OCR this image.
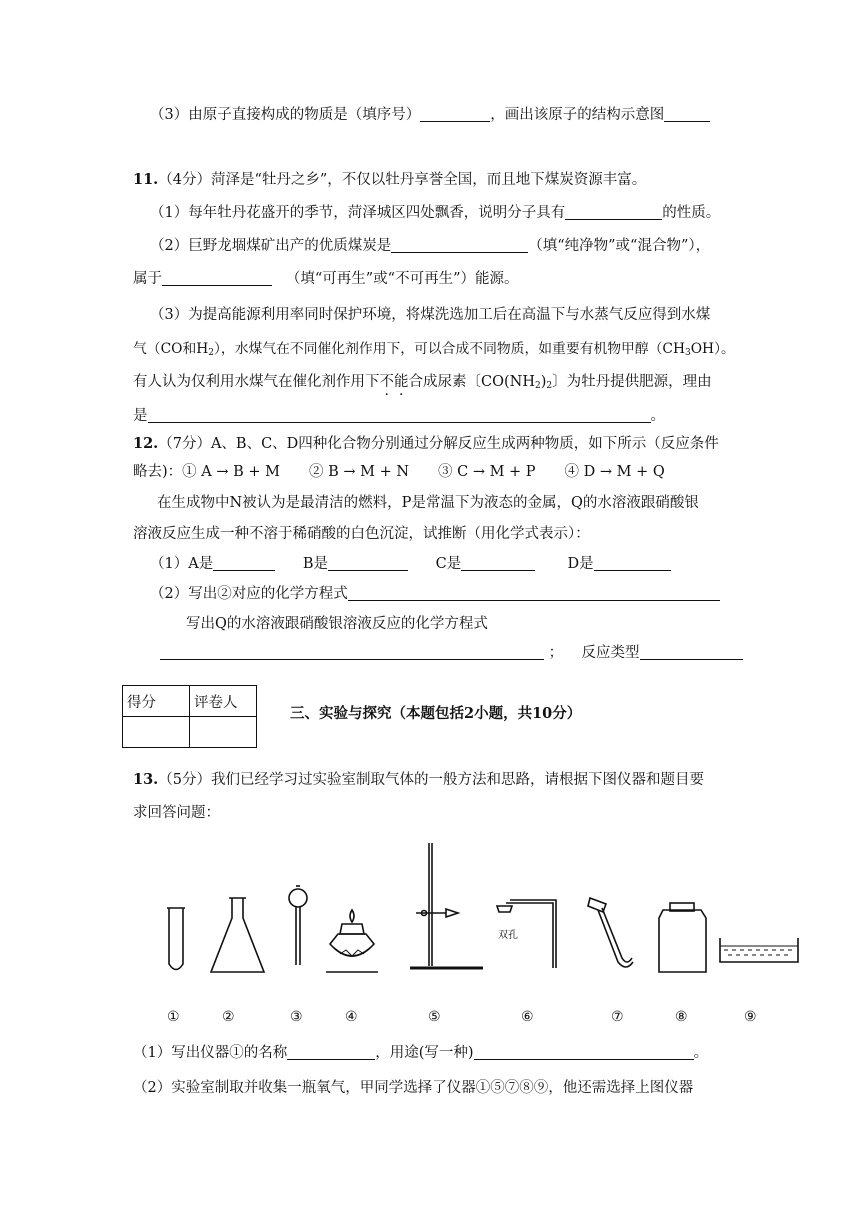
（3）由原子直接构成的物质是（填序号）	，画出该原子的结构示意图
11.（4分）菏泽是“牡丹之乡”，不仅以牡丹享誉全国，而且地下煤炭资源丰富。
（1）每年牡丹花盛开的季节，菏泽城区四处飘香，说明分子具有	的性质。
（2）巨野龙堌煤矿出产的优质煤炭是	（填“纯净物”或“混合物”），
属于	（填“可再生”或“不可再生”）能源。
（3）为提高能源利用率同时保护环境，将煤洗选加工后在高温下与水蒸气反应得到水煤
气（CO和$H_2$），水煤气在不同催化剂作用下，可以合成不同物质，如重要有机物甲醇$(CH_3OH)$。
有人认为仅利用水煤气在催化剂作用下不能合成尿素〔$CO(NH_2)_2$〕为牡丹提供肥源，理由
是	。
12.（7分）A、B、C、D四种化合物分别通过分解反应生成两种物质，如下所示（反应条件
略去)：① A → B + M　　② B → M + N　　③ C → M + P　　④ D → M + Q
在生成物中N被认为是最清洁的燃料，P是常温下为液态的金属，Q的水溶液跟硝酸银
溶液反应生成一种不溶于稀硝酸的白色沉淀，试推断（用化学式表示）：
（1）A是	B是	C是	D是
（2）写出②对应的化学方程式
写出Q的水溶液跟硝酸银溶液反应的化学方程式
； 反应类型
得分	评卷人

三、实验与探究（本题包括2小题，共10分）
13.（5分）我们已经学习过实验室制取气体的一般方法和思路，请根据下图仪器和题目要
求回答问题：
双孔
①	②	③	④	⑤	⑥	⑦	⑧	⑨
（1）写出仪器①的名称	，用途(写一种)	。
（2）实验室制取并收集一瓶氧气，甲同学选择了仪器①⑤⑦⑧⑨，他还需选择上图仪器
